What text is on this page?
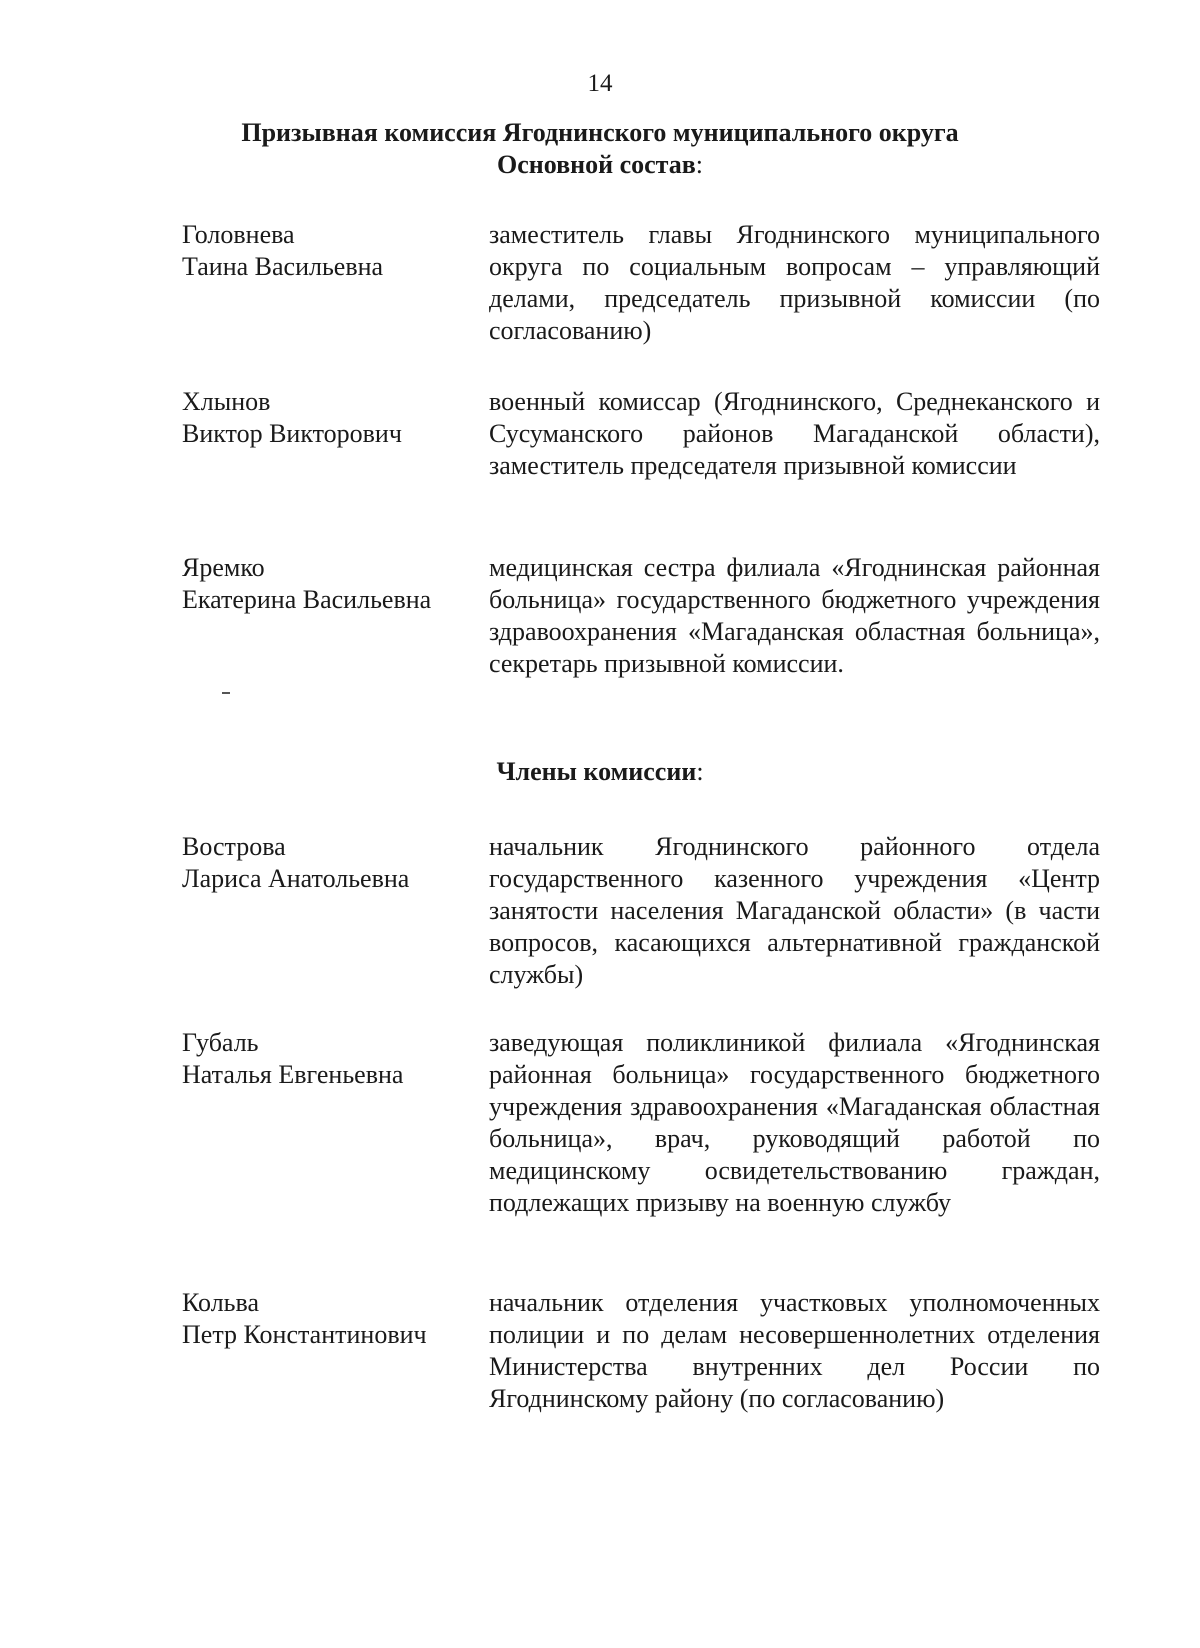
14
Призывная комиссия Ягоднинского муниципального округа
Основной состав:
Головнева
Таина Васильевна
заместитель главы Ягоднинского муниципального округа по социальным вопросам – управляющий делами, председатель призывной комиссии (по согласованию)
Хлынов
Виктор Викторович
военный комиссар (Ягоднинского, Среднеканского и Сусуманского районов Магаданской области), заместитель председателя призывной комиссии
Яремко
Екатерина Васильевна
медицинская сестра филиала «Ягоднинская районная больница» государственного бюджетного учреждения здравоохранения «Магаданская областная больница», секретарь призывной комиссии.
Члены комиссии:
Вострова
Лариса Анатольевна
начальник Ягоднинского районного отдела государственного казенного учреждения «Центр занятости населения Магаданской области» (в части вопросов, касающихся альтернативной гражданской службы)
Губаль
Наталья Евгеньевна
заведующая поликлиникой филиала «Ягоднинская районная больница» государственного бюджетного учреждения здравоохранения «Магаданская областная больница», врач, руководящий работой по медицинскому освидетельствованию граждан, подлежащих призыву на военную службу
Кольва
Петр Константинович
начальник отделения участковых уполномоченных полиции и по делам несовершеннолетних отделения Министерства внутренних дел России по Ягоднинскому району (по согласованию)
